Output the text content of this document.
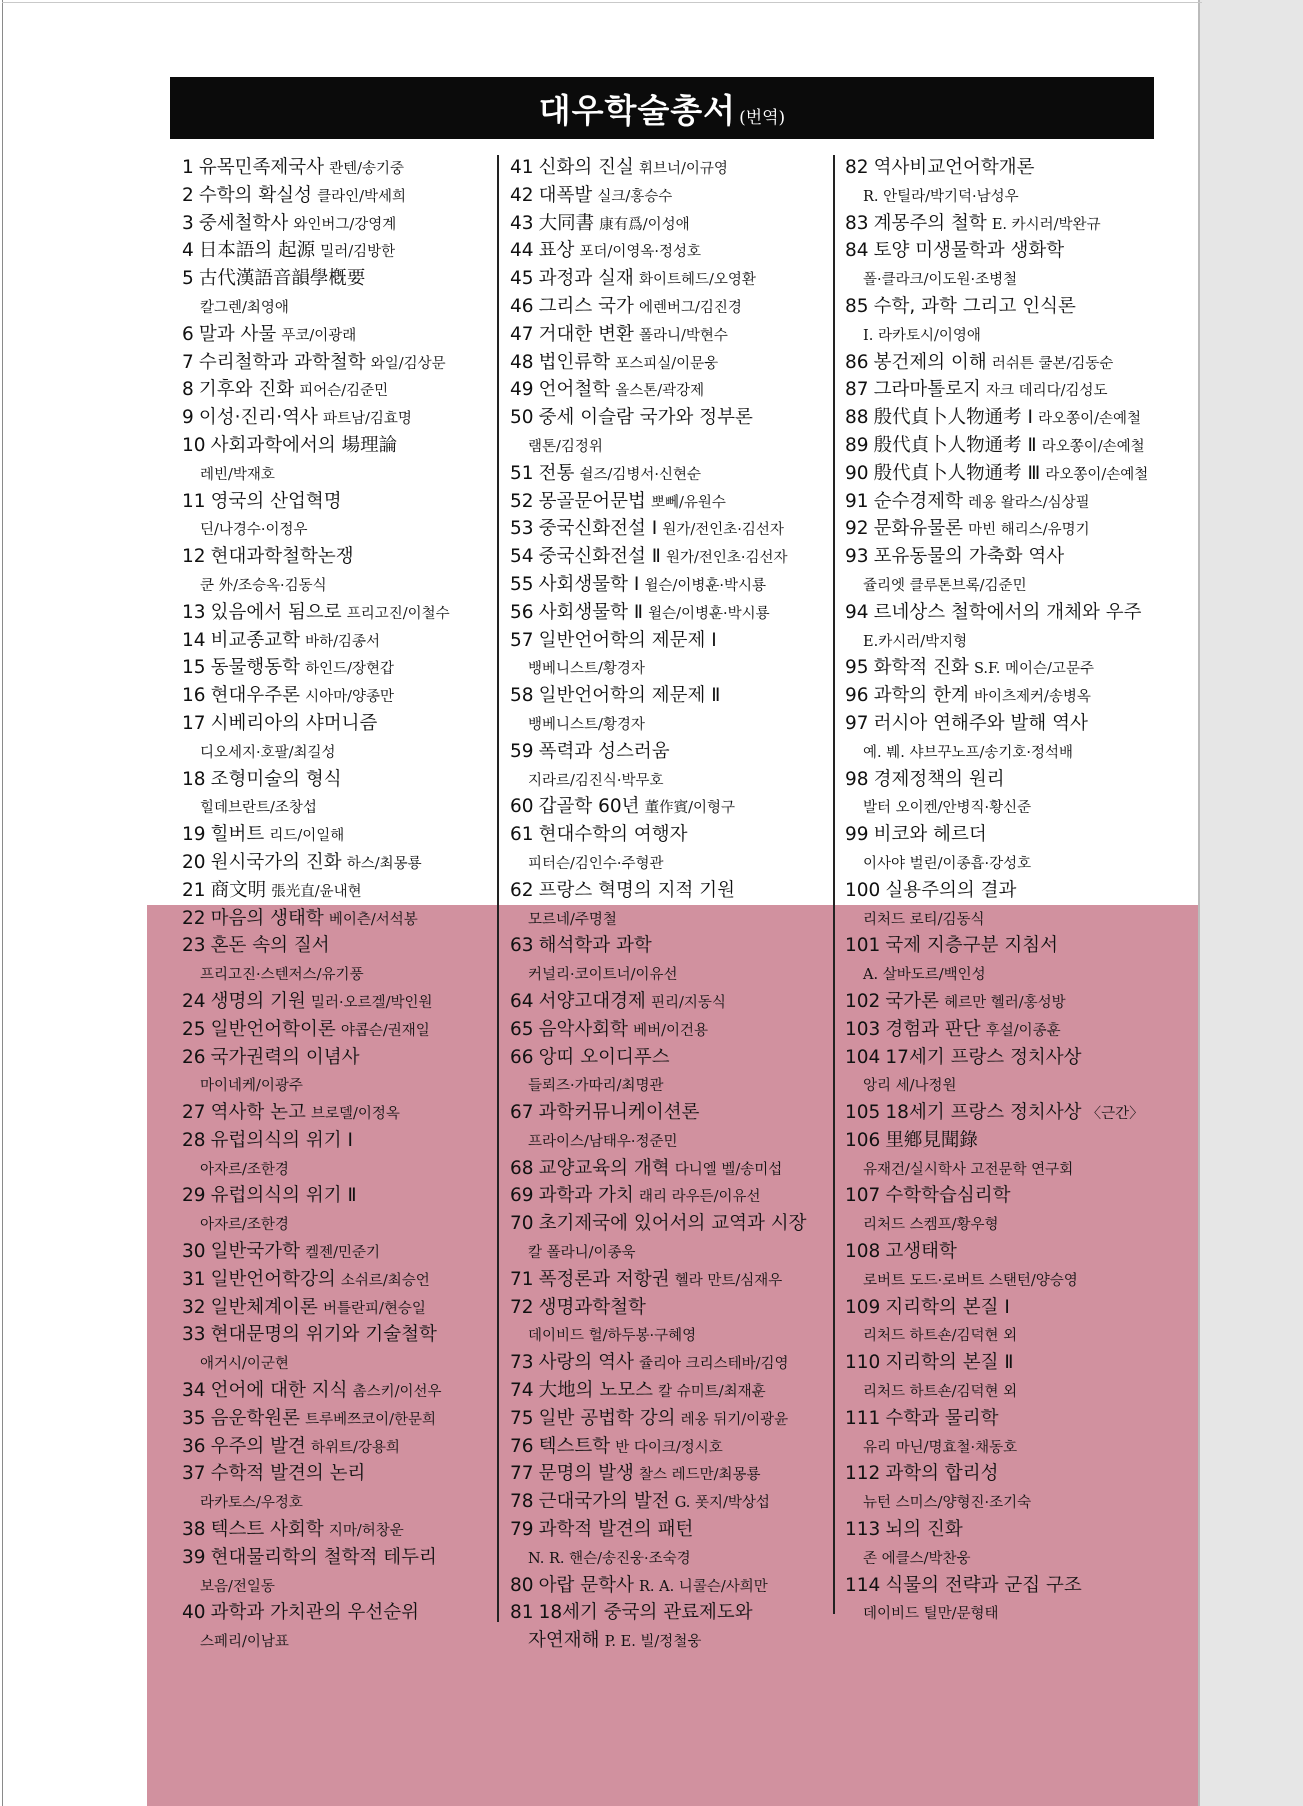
대우학술총서 (번역)
1 유목민족제국사 콴텐/송기중
2 수학의 확실성 클라인/박세희
3 중세철학사 와인버그/강영계
4 日本語의 起源 밀러/김방한
5 古代漢語音韻學槪要
칼그렌/최영애
6 말과 사물 푸코/이광래
7 수리철학과 과학철학 와일/김상문
8 기후와 진화 피어슨/김준민
9 이성·진리·역사 파트남/김효명
10 사회과학에서의 場理論
레빈/박재호
11 영국의 산업혁명
딘/나경수·이정우
12 현대과학철학논쟁
쿤 外/조승옥·김동식
13 있음에서 됨으로 프리고진/이철수
14 비교종교학 바하/김종서
15 동물행동학 하인드/장현갑
16 현대우주론 시아마/양종만
17 시베리아의 샤머니즘
디오세지·호팔/최길성
18 조형미술의 형식
힐데브란트/조창섭
19 힐버트 리드/이일해
20 원시국가의 진화 하스/최몽룡
21 商文明 張光直/윤내현
22 마음의 생태학 베이츤/서석봉
23 혼돈 속의 질서
프리고진·스텐저스/유기풍
24 생명의 기원 밀러·오르겔/박인원
25 일반언어학이론 야콥슨/권재일
26 국가권력의 이념사
마이네케/이광주
27 역사학 논고 브로델/이정옥
28 유럽의식의 위기 Ⅰ
아자르/조한경
29 유럽의식의 위기 Ⅱ
아자르/조한경
30 일반국가학 켈젠/민준기
31 일반언어학강의 소쉬르/최승언
32 일반체계이론 버틀란피/현승일
33 현대문명의 위기와 기술철학
애거시/이군현
34 언어에 대한 지식 촘스키/이선우
35 음운학원론 트루베쯔코이/한문희
36 우주의 발견 하위트/강용희
37 수학적 발견의 논리
라카토스/우정호
38 텍스트 사회학 지마/허창운
39 현대물리학의 철학적 테두리
보음/전일동
40 과학과 가치관의 우선순위
스페리/이남표
41 신화의 진실 휘브너/이규영
42 대폭발 실크/홍승수
43 大同書 康有爲/이성애
44 표상 포더/이영옥·정성호
45 과정과 실재 화이트헤드/오영환
46 그리스 국가 에렌버그/김진경
47 거대한 변환 폴라니/박현수
48 법인류학 포스피실/이문웅
49 언어철학 올스톤/곽강제
50 중세 이슬람 국가와 정부론
램톤/김정위
51 전통 쉴즈/김병서·신현순
52 몽골문어문법 뽀뻬/유원수
53 중국신화전설 Ⅰ 원가/전인초·김선자
54 중국신화전설 Ⅱ 원가/전인초·김선자
55 사회생물학 Ⅰ 윌슨/이병훈·박시룡
56 사회생물학 Ⅱ 윌슨/이병훈·박시룡
57 일반언어학의 제문제 Ⅰ
뱅베니스트/황경자
58 일반언어학의 제문제 Ⅱ
뱅베니스트/황경자
59 폭력과 성스러움
지라르/김진식·박무호
60 갑골학 60년 董作賓/이형구
61 현대수학의 여행자
피터슨/김인수·주형관
62 프랑스 혁명의 지적 기원
모르네/주명철
63 해석학과 과학
커널리·코이트너/이유선
64 서양고대경제 핀리/지동식
65 음악사회학 베버/이건용
66 앙띠 오이디푸스
들뢰즈·가따리/최명관
67 과학커뮤니케이션론
프라이스/남태우·정준민
68 교양교육의 개혁 다니엘 벨/송미섭
69 과학과 가치 래리 라우든/이유선
70 초기제국에 있어서의 교역과 시장
칼 폴라니/이종욱
71 폭정론과 저항권 헬라 만트/심재우
72 생명과학철학
데이비드 헐/하두봉·구혜영
73 사랑의 역사 쥴리아 크리스테바/김영
74 大地의 노모스 칼 슈미트/최재훈
75 일반 공법학 강의 레옹 뒤기/이광윤
76 텍스트학 반 다이크/정시호
77 문명의 발생 찰스 레드만/최몽룡
78 근대국가의 발전 G. 폿지/박상섭
79 과학적 발견의 패턴
N. R. 핸슨/송진웅·조숙경
80 아랍 문학사 R. A. 니콜슨/사희만
81 18세기 중국의 관료제도와
자연재해 P. E. 빌/정철웅
82 역사비교언어학개론
R. 안틸라/박기덕·남성우
83 계몽주의 철학 E. 카시러/박완규
84 토양 미생물학과 생화학
폴·클라크/이도원·조병철
85 수학, 과학 그리고 인식론
I. 라카토시/이영애
86 봉건제의 이해 러쉬튼 쿨본/김동순
87 그라마톨로지 자크 데리다/김성도
88 殷代貞卜人物通考 Ⅰ 라오쫑이/손예철
89 殷代貞卜人物通考 Ⅱ 라오쫑이/손예철
90 殷代貞卜人物通考 Ⅲ 라오쫑이/손예철
91 순수경제학 레옹 왈라스/심상필
92 문화유물론 마빈 해리스/유명기
93 포유동물의 가축화 역사
쥴리엣 클루톤브록/김준민
94 르네상스 철학에서의 개체와 우주
E.카시러/박지형
95 화학적 진화 S.F. 메이슨/고문주
96 과학의 한계 바이츠제커/송병옥
97 러시아 연해주와 발해 역사
예. 붸. 샤브꾸노프/송기호·정석배
98 경제정책의 원리
발터 오이켄/안병직·황신준
99 비코와 헤르더
이사야 벌린/이종흡·강성호
100 실용주의의 결과
리처드 로티/김동식
101 국제 지층구분 지침서
A. 살바도르/백인성
102 국가론 헤르만 헬러/홍성방
103 경험과 판단 후설/이종훈
104 17세기 프랑스 정치사상
앙리 세/나정원
105 18세기 프랑스 정치사상 〈근간〉
106 里鄕見聞錄
유재건/실시학사 고전문학 연구회
107 수학학습심리학
리처드 스켐프/황우형
108 고생태학
로버트 도드·로버트 스탠턴/양승영
109 지리학의 본질 Ⅰ
리처드 하트숀/김덕현 외
110 지리학의 본질 Ⅱ
리처드 하트숀/김덕현 외
111 수학과 물리학
유리 마닌/명효철·채동호
112 과학의 합리성
뉴턴 스미스/양형진·조기숙
113 뇌의 진화
존 에클스/박찬웅
114 식물의 전략과 군집 구조
데이비드 틸만/문형태
